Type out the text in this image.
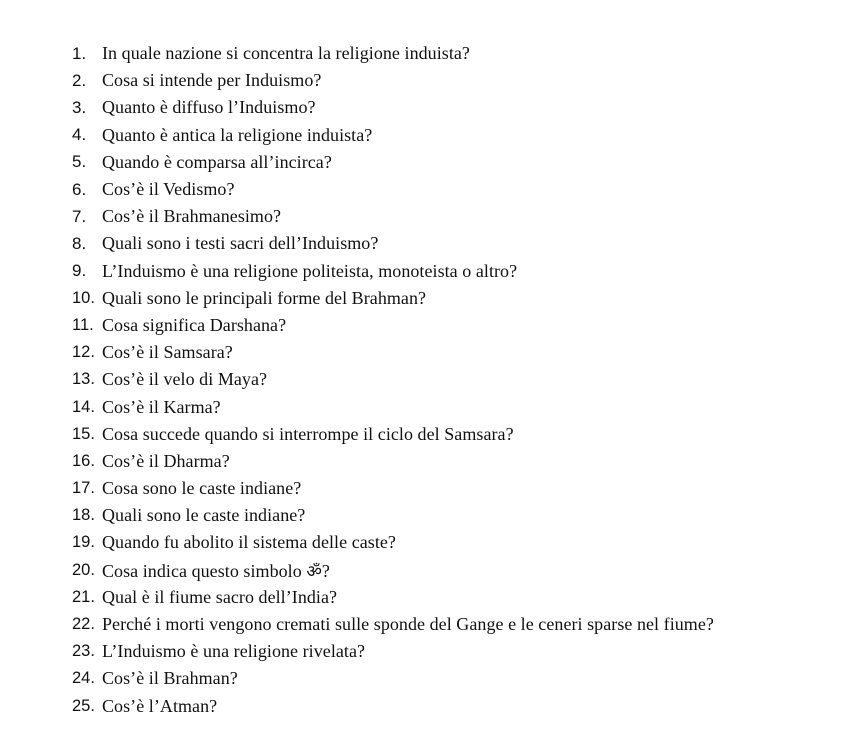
1. In quale nazione si concentra la religione induista?
2. Cosa si intende per Induismo?
3. Quanto è diffuso l’Induismo?
4. Quanto è antica la religione induista?
5. Quando è comparsa all’incirca?
6. Cos’è il Vedismo?
7. Cos’è il Brahmanesimo?
8. Quali sono i testi sacri dell’Induismo?
9. L’Induismo è una religione politeista, monoteista o altro?
10. Quali sono le principali forme del Brahman?
11. Cosa significa Darshana?
12. Cos’è il Samsara?
13. Cos’è il velo di Maya?
14. Cos’è il Karma?
15. Cosa succede quando si interrompe il ciclo del Samsara?
16. Cos’è il Dharma?
17. Cosa sono le caste indiane?
18. Quali sono le caste indiane?
19. Quando fu abolito il sistema delle caste?
20. Cosa indica questo simbolo ॐ?
21. Qual è il fiume sacro dell’India?
22. Perché i morti vengono cremati sulle sponde del Gange e le ceneri sparse nel fiume?
23. L’Induismo è una religione rivelata?
24. Cos’è il Brahman?
25. Cos’è l’Atman?
